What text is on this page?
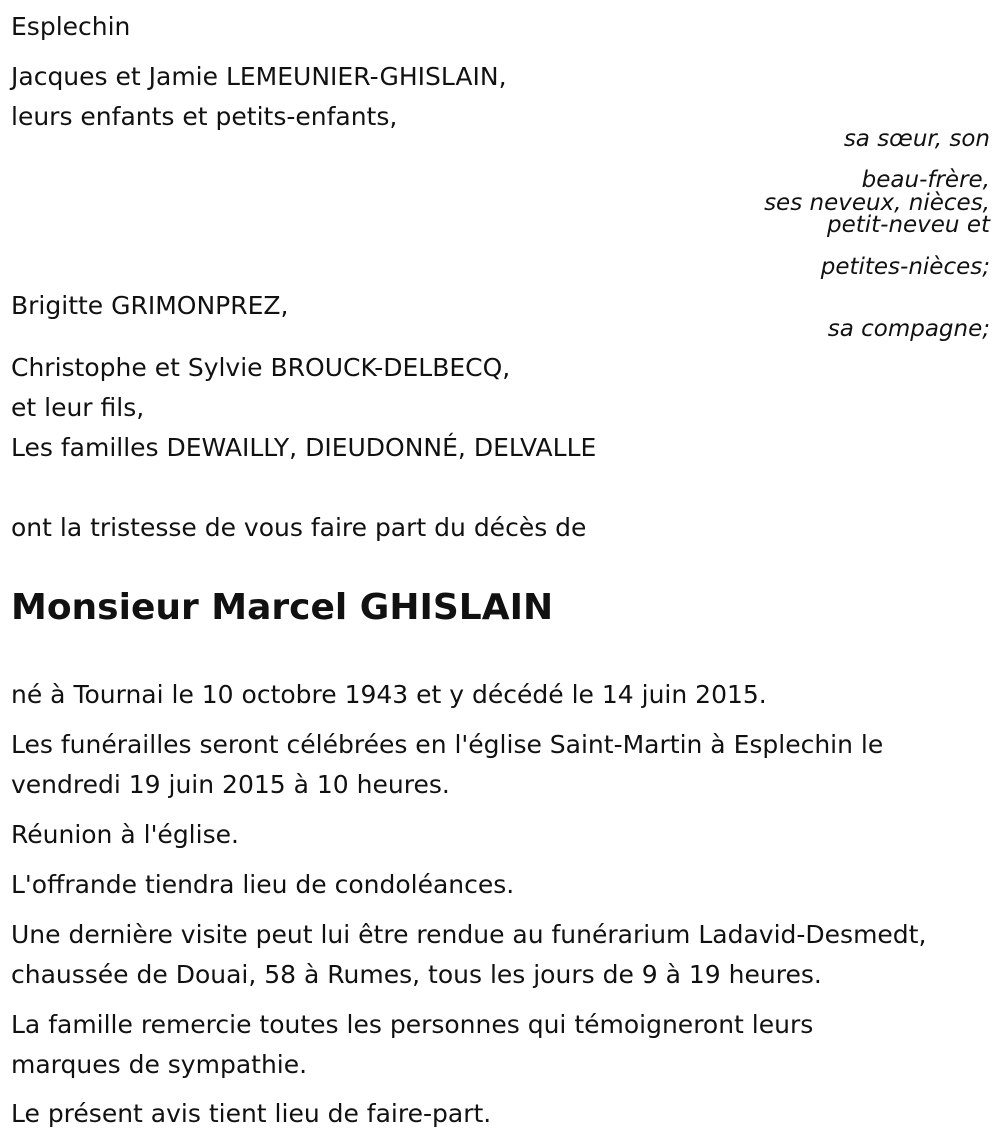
Esplechin
Jacques et Jamie LEMEUNIER-GHISLAIN,
leurs enfants et petits-enfants,
sa sœur, son
beau-frère,
ses neveux, nièces,
petit-neveu et
petites-nièces;
Brigitte GRIMONPREZ,
sa compagne;
Christophe et Sylvie BROUCK-DELBECQ,
et leur fils,
Les familles DEWAILLY, DIEUDONNÉ, DELVALLE
ont la tristesse de vous faire part du décès de
Monsieur Marcel GHISLAIN
né à Tournai le 10 octobre 1943 et y décédé le 14 juin 2015.
Les funérailles seront célébrées en l'église Saint-Martin à Esplechin le
vendredi 19 juin 2015 à 10 heures.
Réunion à l'église.
L'offrande tiendra lieu de condoléances.
Une dernière visite peut lui être rendue au funérarium Ladavid-Desmedt,
chaussée de Douai, 58 à Rumes, tous les jours de 9 à 19 heures.
La famille remercie toutes les personnes qui témoigneront leurs
marques de sympathie.
Le présent avis tient lieu de faire-part.
